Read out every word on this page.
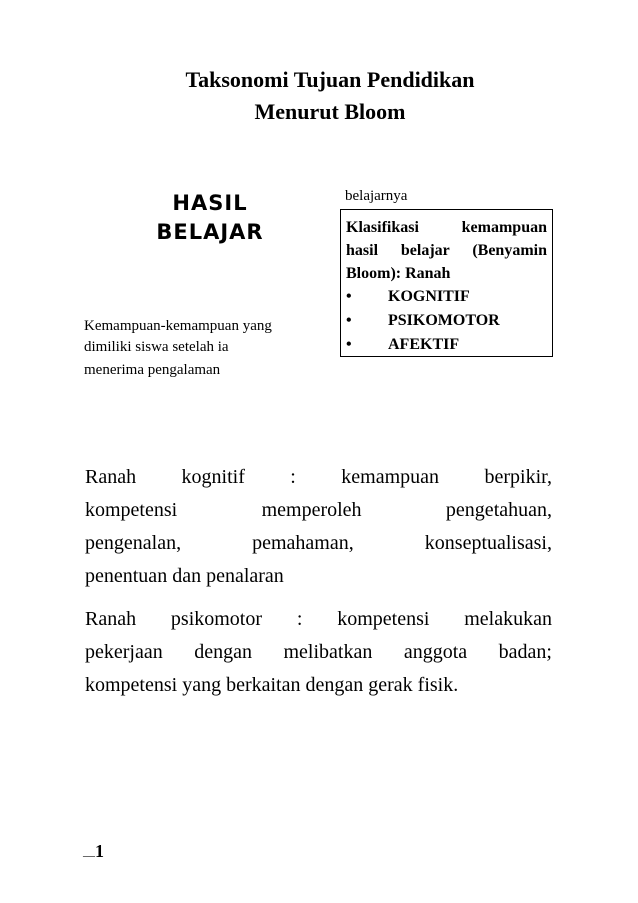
Taksonomi Tujuan Pendidikan
Menurut Bloom
HASIL
BELAJAR
Kemampuan-kemampuan yang
dimiliki siswa setelah ia
menerima pengalaman
belajarnya
Klasifikasi kemampuan
hasil belajar (Benyamin
Bloom): Ranah
•	KOGNITIF
•	PSIKOMOTOR
•	AFEKTIF
Ranah kognitif : kemampuan berpikir,
kompetensi memperoleh pengetahuan,
pengenalan, pemahaman, konseptualisasi,
penentuan dan penalaran
Ranah psikomotor : kompetensi melakukan
pekerjaan dengan melibatkan anggota badan;
kompetensi yang berkaitan dengan gerak fisik.
—1
